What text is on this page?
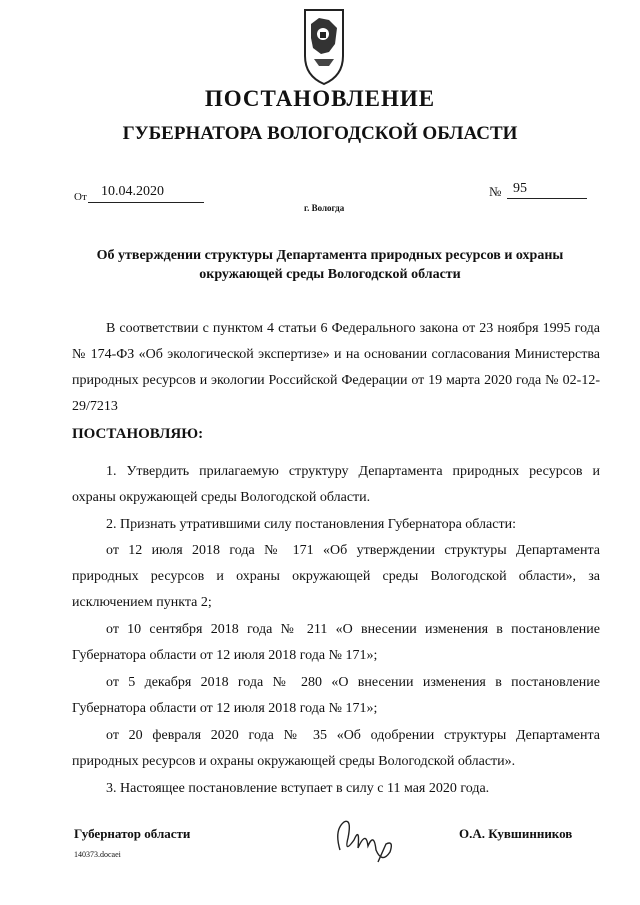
ПОСТАНОВЛЕНИЕ
ГУБЕРНАТОРА ВОЛОГОДСКОЙ ОБЛАСТИ
От 10.04.2020	№ 95
г. Вологда
Об утверждении структуры Департамента природных ресурсов и охраны окружающей среды Вологодской области
В соответствии с пунктом 4 статьи 6 Федерального закона от 23 ноября 1995 года № 174-ФЗ «Об экологической экспертизе» и на основании согласования Министерства природных ресурсов и экологии Российской Федерации от 19 марта 2020 года № 02-12-29/7213
ПОСТАНОВЛЯЮ:
1. Утвердить прилагаемую структуру Департамента природных ресурсов и охраны окружающей среды Вологодской области.
2. Признать утратившими силу постановления Губернатора области:
от 12 июля 2018 года № 171 «Об утверждении структуры Департамента природных ресурсов и охраны окружающей среды Вологодской области», за исключением пункта 2;
от 10 сентября 2018 года № 211 «О внесении изменения в постановление Губернатора области от 12 июля 2018 года № 171»;
от 5 декабря 2018 года № 280 «О внесении изменения в постановление Губернатора области от 12 июля 2018 года № 171»;
от 20 февраля 2020 года № 35 «Об одобрении структуры Департамента природных ресурсов и охраны окружающей среды Вологодской области».
3. Настоящее постановление вступает в силу с 11 мая 2020 года.
Губернатор области	О.А. Кувшинников
140373.docaei
